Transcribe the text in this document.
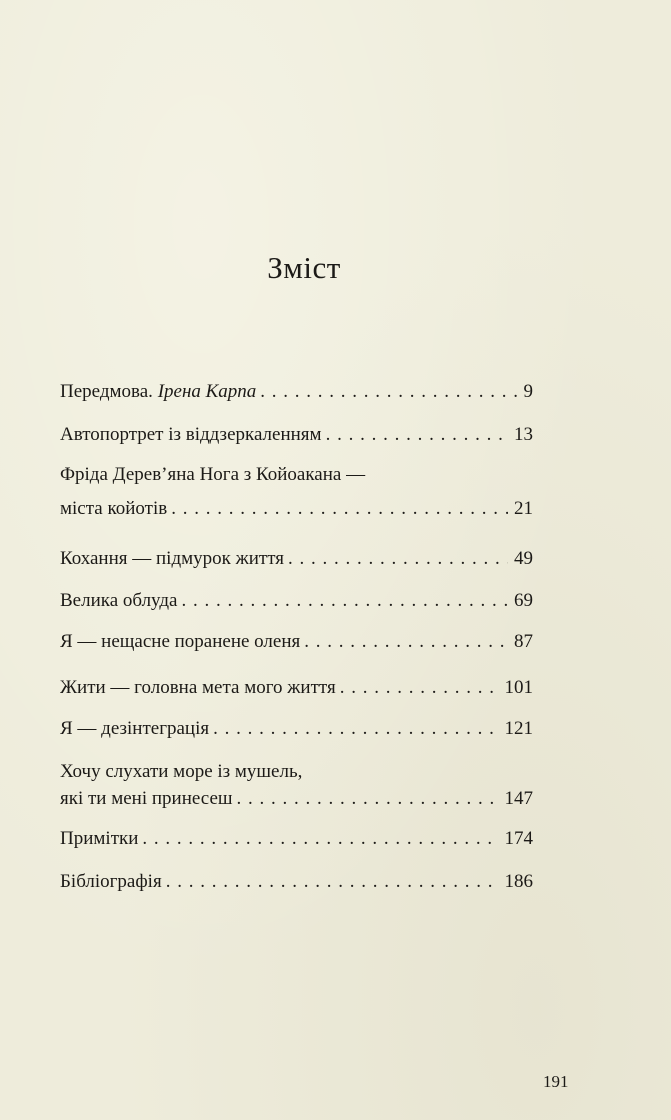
Зміст
Передмова. Ірена Карпа . . .	9
Автопортрет із віддзеркаленням . . .	13
Фріда Дерев’яна Нога з Койоакана —
міста койотів . . .	21
Кохання — підмурок життя . . .	49
Велика облуда . . .	69
Я — нещасне поранене оленя . . .	87
Жити — головна мета мого життя . . .	101
Я — дезінтеграція . . .	121
Хочу слухати море із мушель,
які ти мені принесеш . . .	147
Примітки . . .	174
Бібліографія . . .	186
191
